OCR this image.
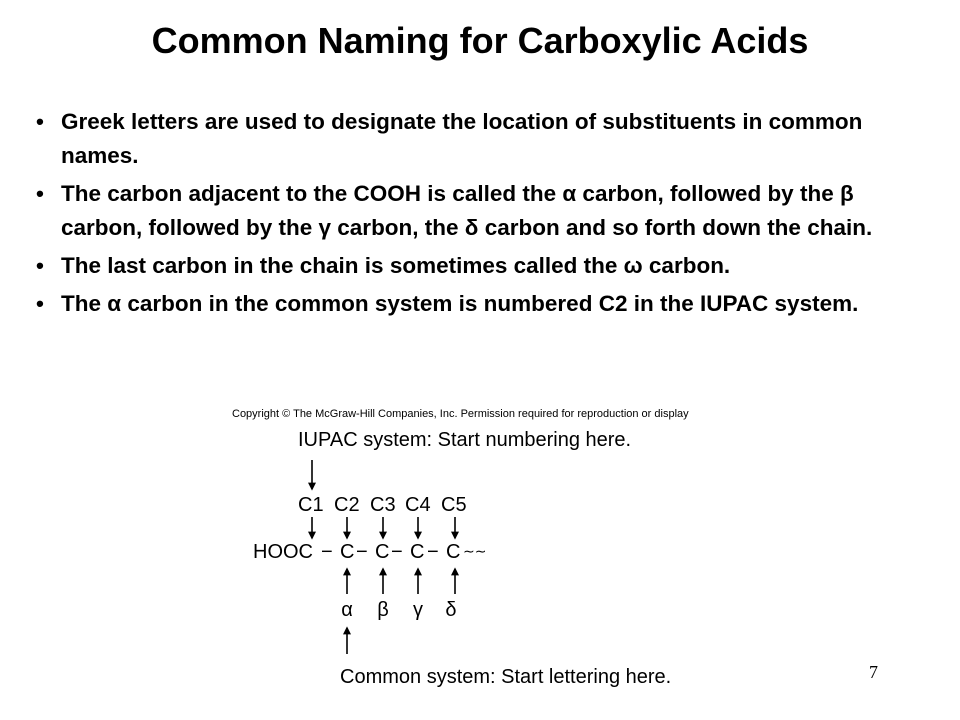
Common Naming for Carboxylic Acids
• Greek letters are used to designate the location of substituents in common names.
• The carbon adjacent to the COOH is called the α carbon, followed by the β carbon, followed by the γ carbon, the δ carbon and so forth down the chain.
• The last carbon in the chain is sometimes called the ω carbon.
• The α carbon in the common system is numbered C2 in the IUPAC system.
Copyright © The McGraw-Hill Companies, Inc. Permission required for reproduction or display
IUPAC system: Start numbering here.
C1 C2 C3 C4 C5
HOOC − C − C − C − C ∼∼
α β γ δ
Common system: Start lettering here.	7
